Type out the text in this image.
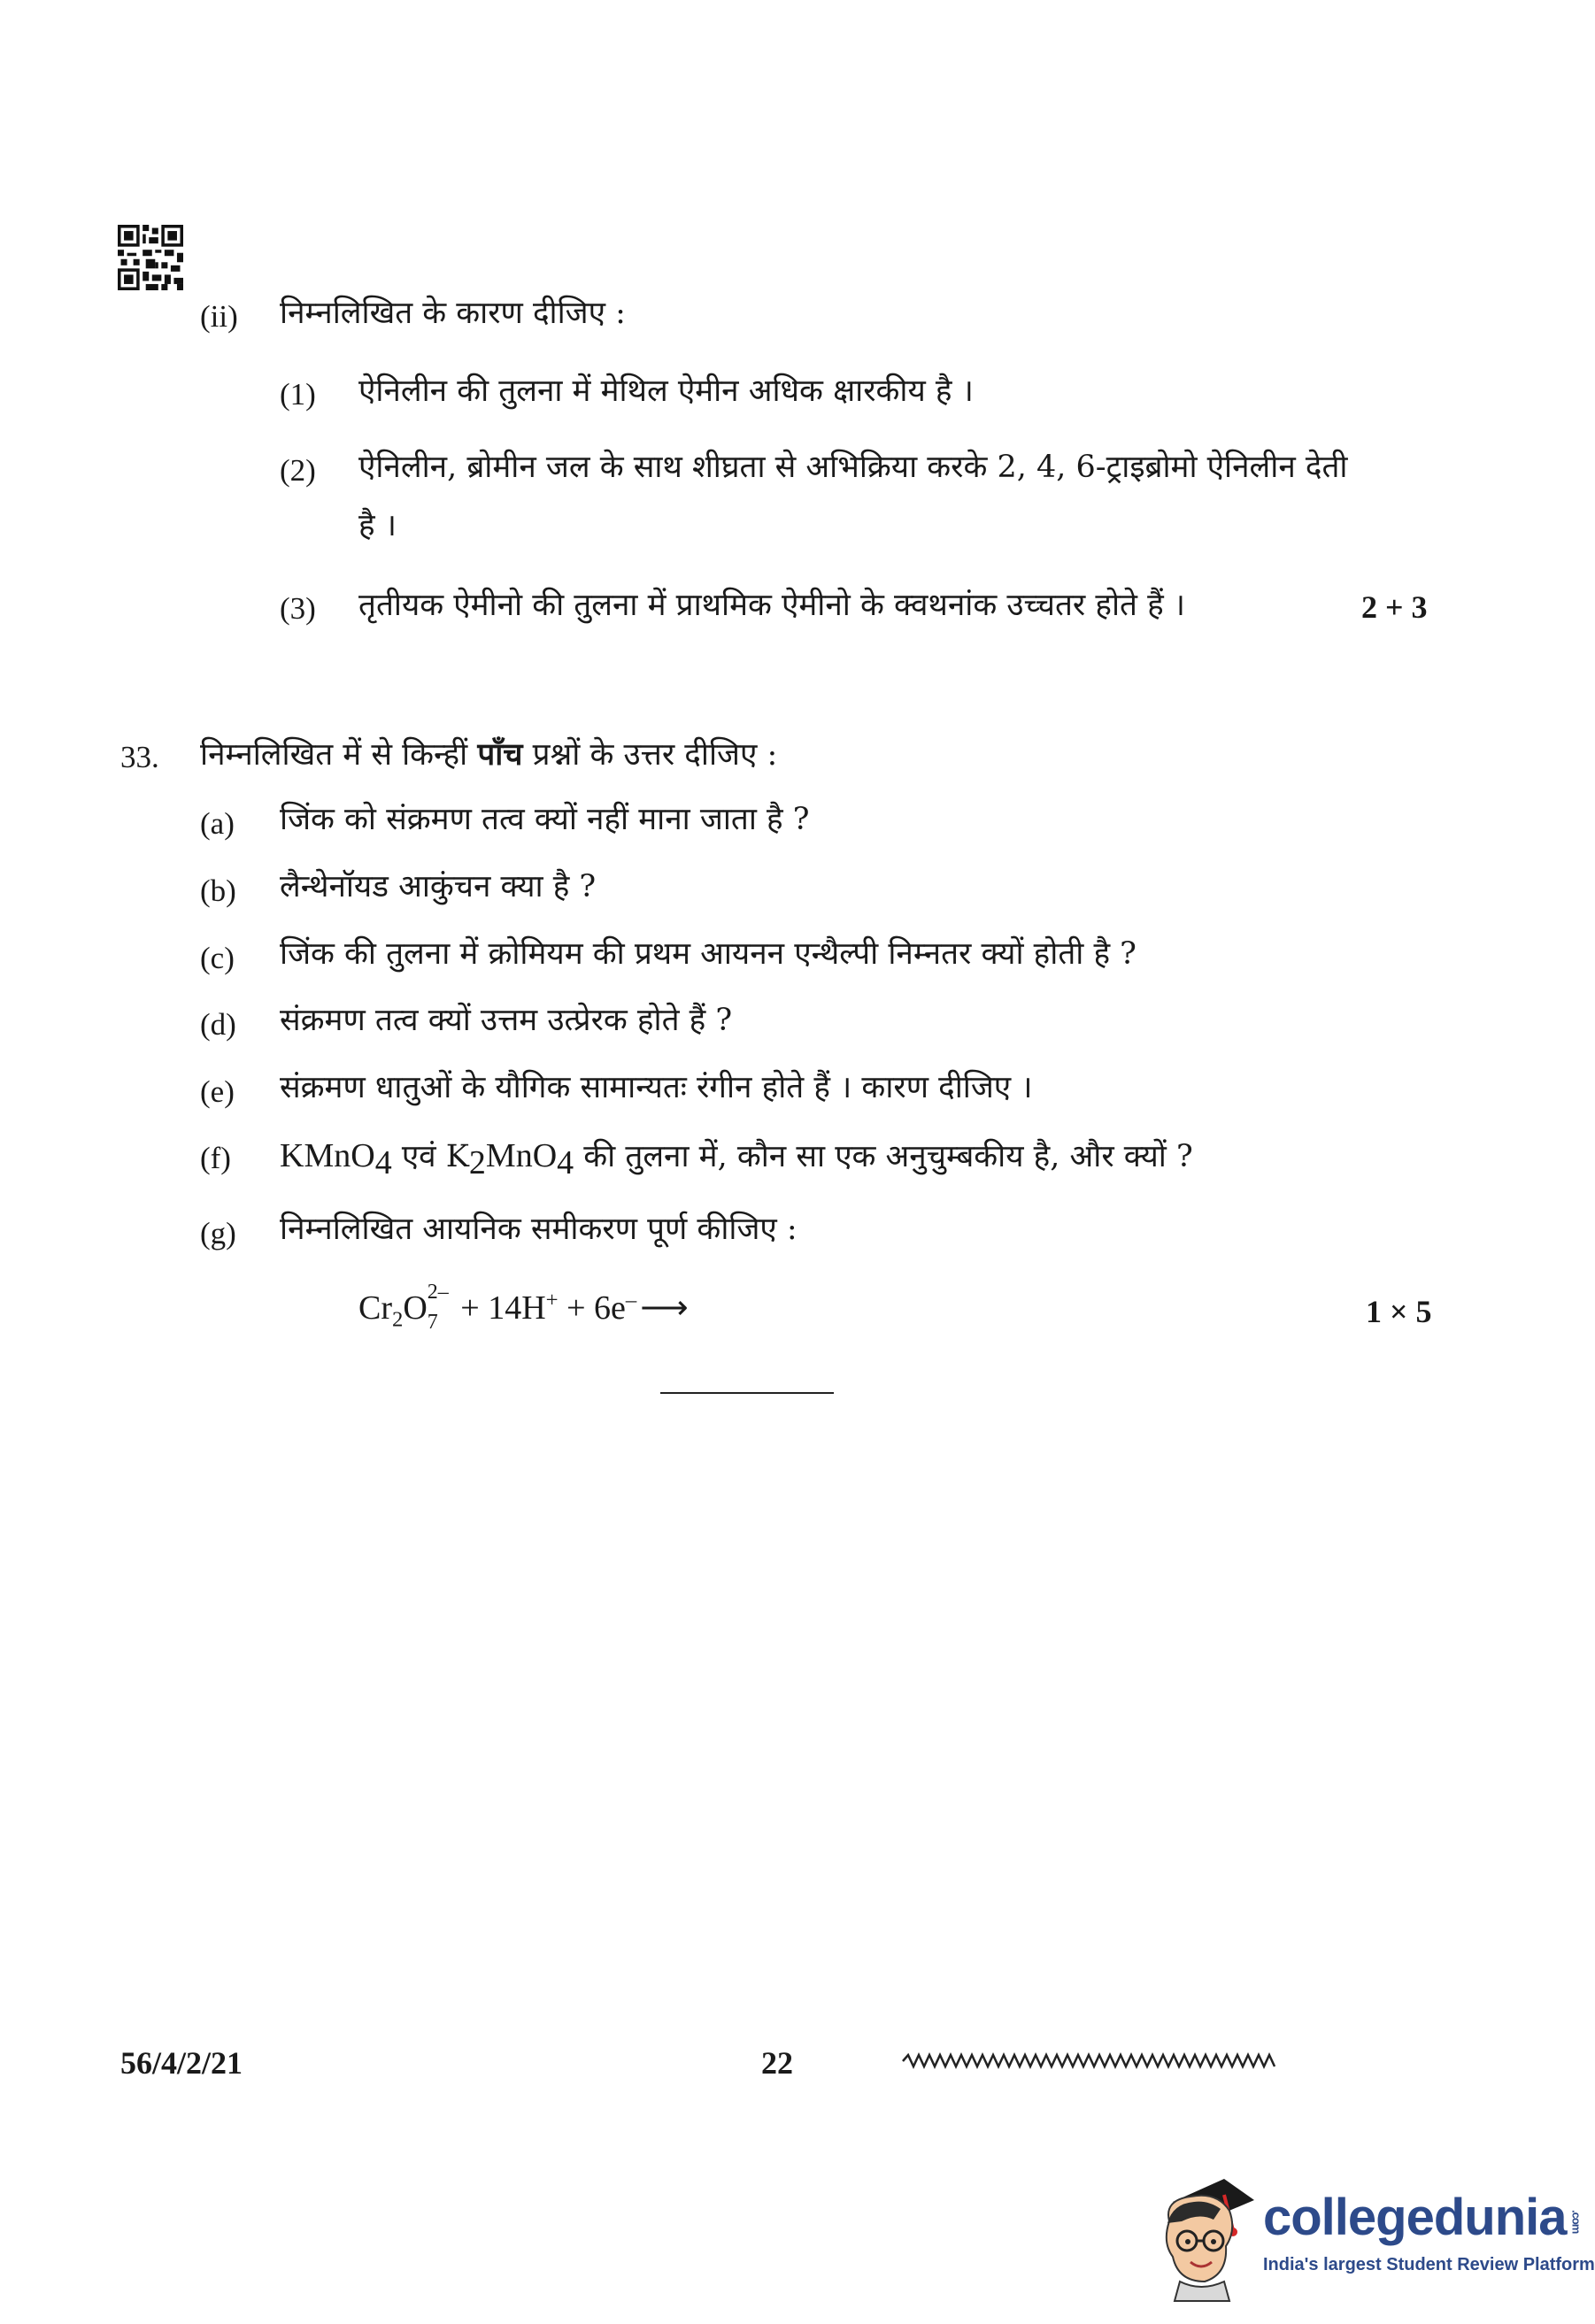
(ii) निम्नलिखित के कारण दीजिए :
(1) ऐनिलीन की तुलना में मेथिल ऐमीन अधिक क्षारकीय है ।
(2) ऐनिलीन, ब्रोमीन जल के साथ शीघ्रता से अभिक्रिया करके 2, 4, 6-ट्राइब्रोमो ऐनिलीन देती
है ।
(3) तृतीयक ऐमीनो की तुलना में प्राथमिक ऐमीनो के क्वथनांक उच्चतर होते हैं ।	2 + 3
33. निम्नलिखित में से किन्हीं पाँच प्रश्नों के उत्तर दीजिए :
(a) जिंक को संक्रमण तत्व क्यों नहीं माना जाता है ?
(b) लैन्थेनॉयड आकुंचन क्या है ?
(c) जिंक की तुलना में क्रोमियम की प्रथम आयनन एन्थैल्पी निम्नतर क्यों होती है ?
(d) संक्रमण तत्व क्यों उत्तम उत्प्रेरक होते हैं ?
(e) संक्रमण धातुओं के यौगिक सामान्यतः रंगीन होते हैं । कारण दीजिए ।
(f) KMnO$_4$ एवं $K_2MnO_4$ की तुलना में, कौन सा एक अनुचुम्बकीय है, और क्यों ?
(g) निम्नलिखित आयनिक समीकरण पूर्ण कीजिए :
$Cr_2O$ 2–
7 + 14H+ + 6e– ⟶	1 × 5
56/4/2/21	22
collegedunia .com
India's largest Student Review Platform
